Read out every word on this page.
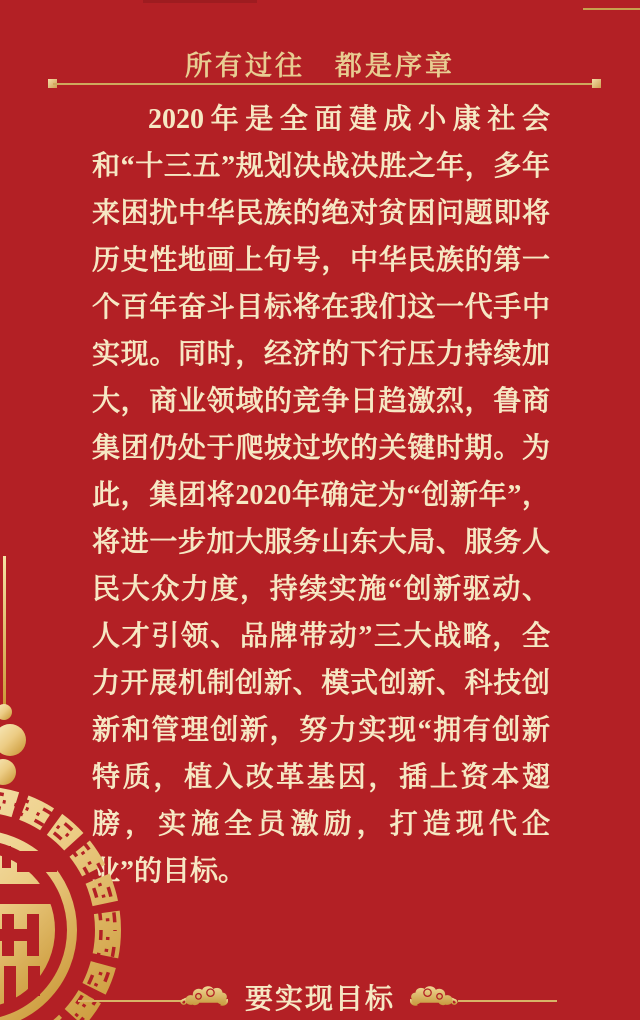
所有过往　都是序章

2020年是全面建成小康社会和“十三五”规划决战决胜之年，多年来困扰中华民族的绝对贫困问题即将历史性地画上句号，中华民族的第一个百年奋斗目标将在我们这一代手中实现。同时，经济的下行压力持续加大，商业领域的竞争日趋激烈，鲁商集团仍处于爬坡过坎的关键时期。为此，集团将2020年确定为“创新年”，将进一步加大服务山东大局、服务人民大众力度，持续实施“创新驱动、人才引领、品牌带动”三大战略，全力开展机制创新、模式创新、科技创新和管理创新，努力实现“拥有创新特质，植入改革基因，插上资本翅膀，实施全员激励，打造现代企业”的目标。

要实现目标
